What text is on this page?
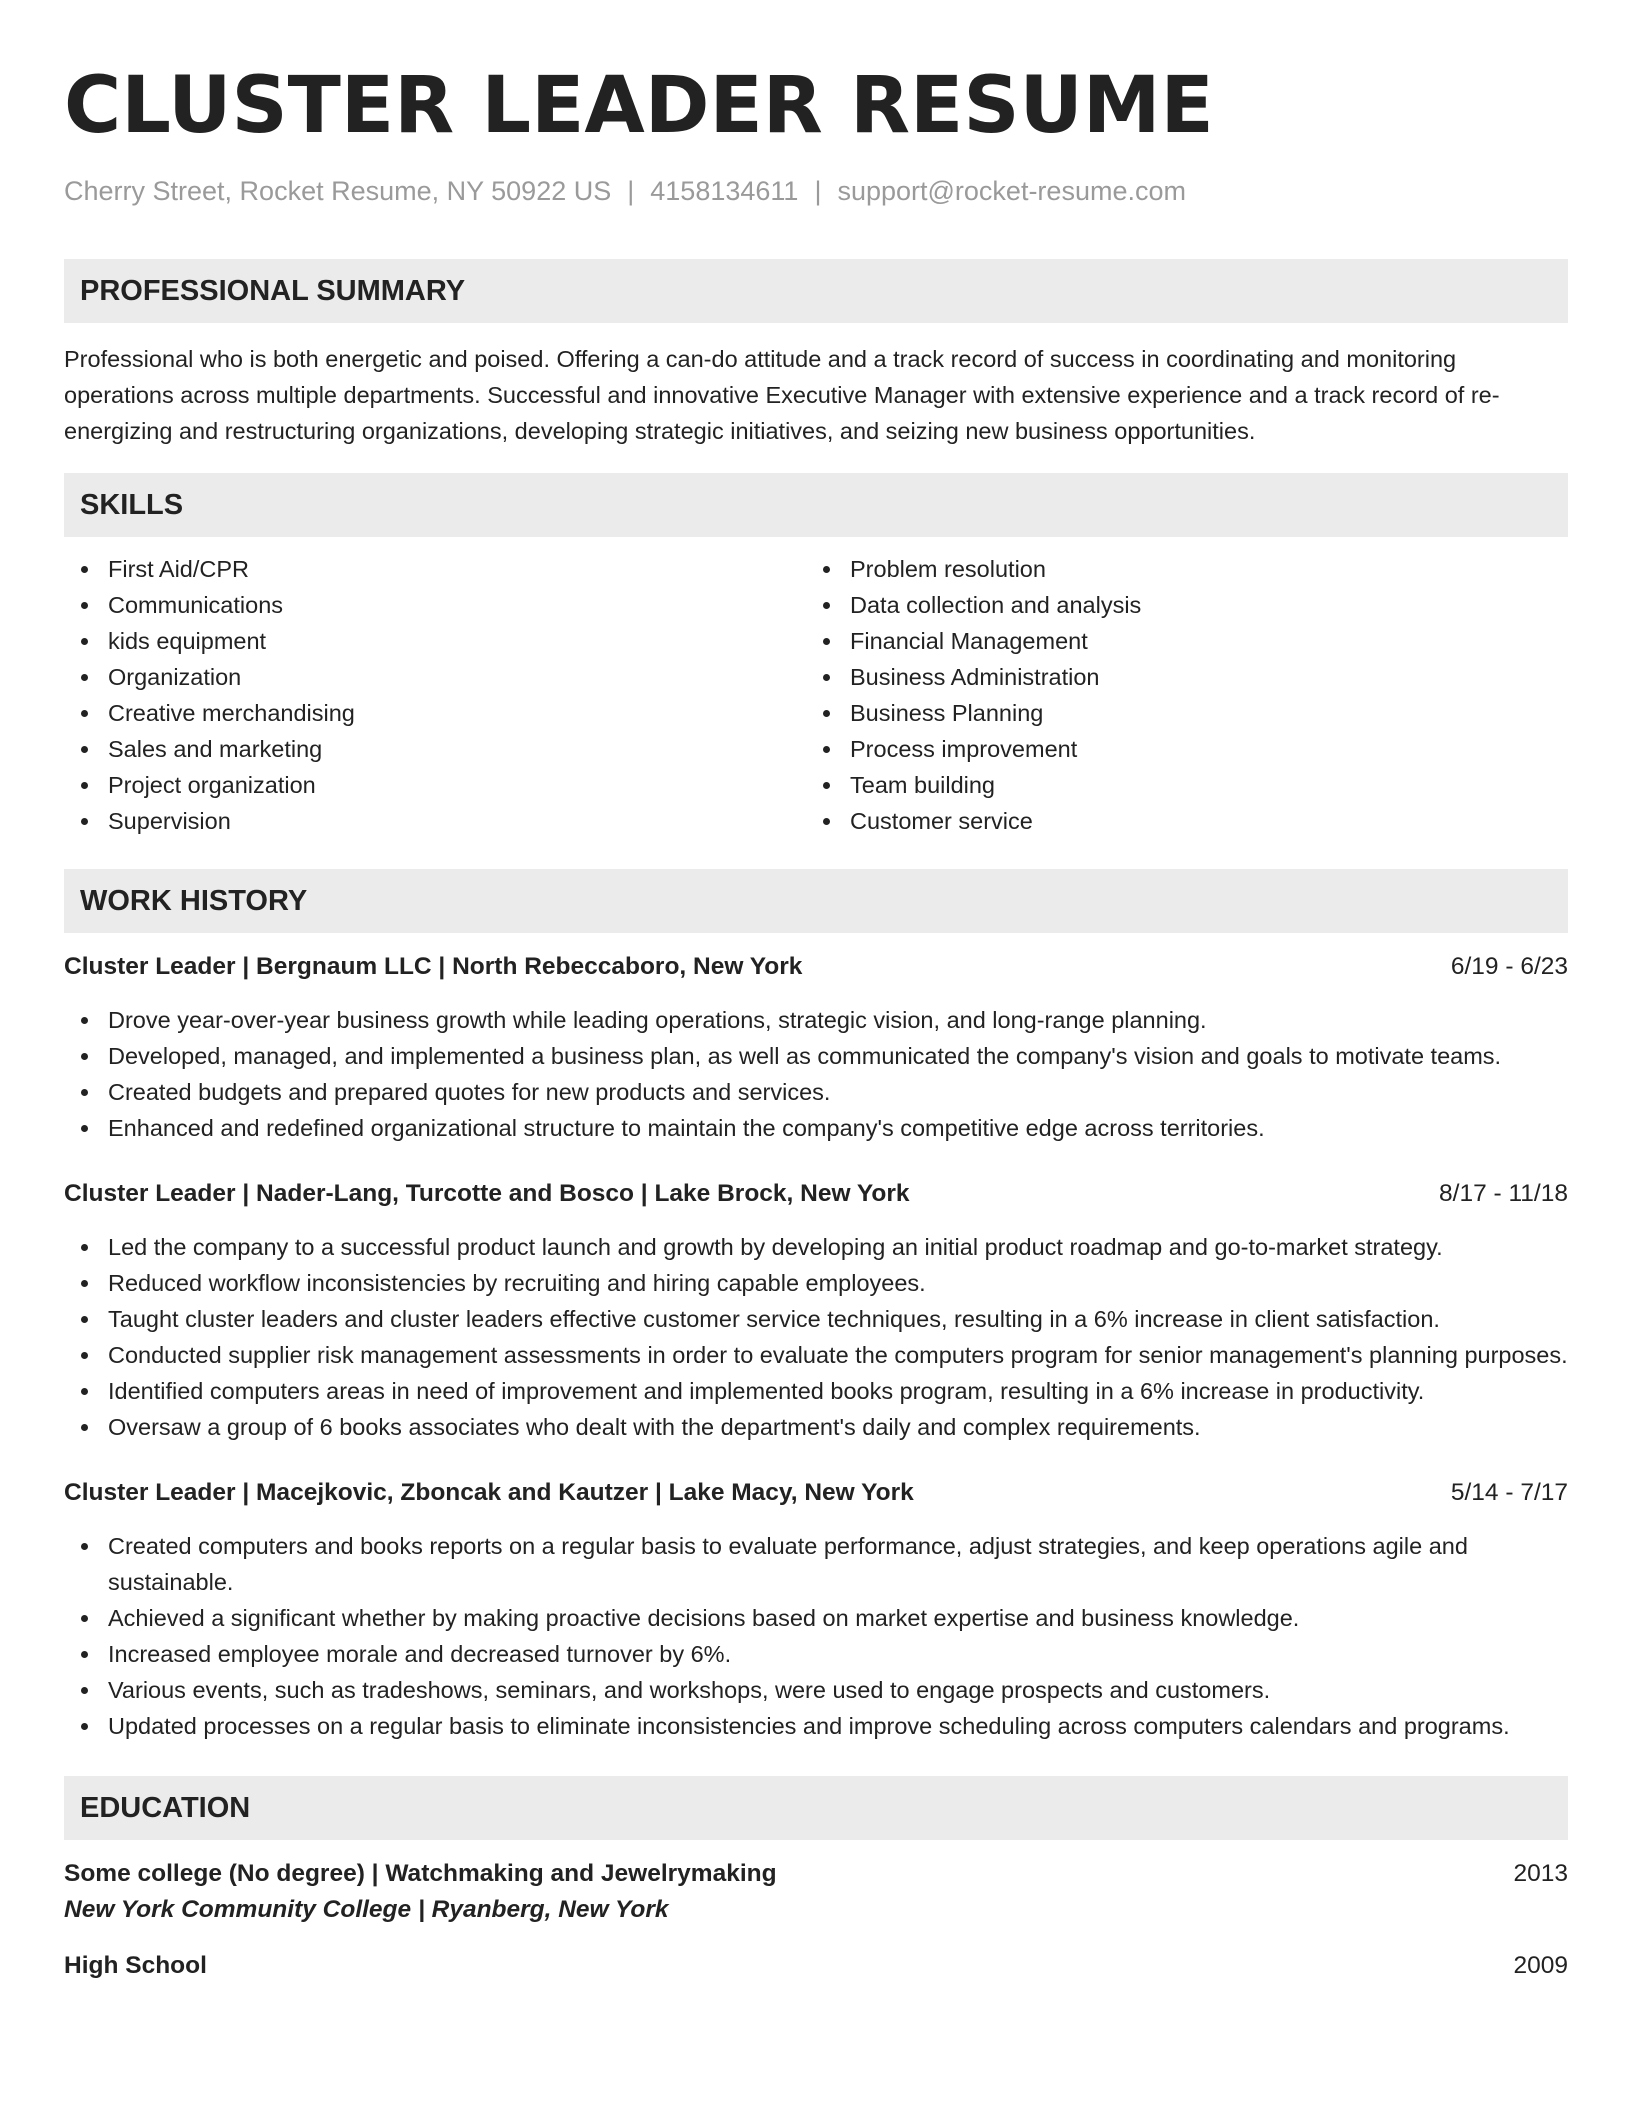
CLUSTER LEADER RESUME
Cherry Street, Rocket Resume, NY 50922 US | 4158134611 | support@rocket-resume.com
PROFESSIONAL SUMMARY

Professional who is both energetic and poised. Offering a can-do attitude and a track record of success in coordinating and monitoring operations across multiple departments. Successful and innovative Executive Manager with extensive experience and a track record of re-energizing and restructuring organizations, developing strategic initiatives, and seizing new business opportunities.

SKILLS
First Aid/CPR
Communications
kids equipment
Organization
Creative merchandising
Sales and marketing
Project organization
Supervision
Problem resolution
Data collection and analysis
Financial Management
Business Administration
Business Planning
Process improvement
Team building
Customer service
WORK HISTORY
Cluster Leader | Bergnaum LLC | North Rebeccaboro, New York	6/19 - 6/23
Drove year-over-year business growth while leading operations, strategic vision, and long-range planning.
Developed, managed, and implemented a business plan, as well as communicated the company's vision and goals to motivate teams.
Created budgets and prepared quotes for new products and services.
Enhanced and redefined organizational structure to maintain the company's competitive edge across territories.
Cluster Leader | Nader-Lang, Turcotte and Bosco | Lake Brock, New York	8/17 - 11/18
Led the company to a successful product launch and growth by developing an initial product roadmap and go-to-market strategy.
Reduced workflow inconsistencies by recruiting and hiring capable employees.
Taught cluster leaders and cluster leaders effective customer service techniques, resulting in a 6% increase in client satisfaction.
Conducted supplier risk management assessments in order to evaluate the computers program for senior management's planning purposes.
Identified computers areas in need of improvement and implemented books program, resulting in a 6% increase in productivity.
Oversaw a group of 6 books associates who dealt with the department's daily and complex requirements.
Cluster Leader | Macejkovic, Zboncak and Kautzer | Lake Macy, New York	5/14 - 7/17
Created computers and books reports on a regular basis to evaluate performance, adjust strategies, and keep operations agile and sustainable.
Achieved a significant whether by making proactive decisions based on market expertise and business knowledge.
Increased employee morale and decreased turnover by 6%.
Various events, such as tradeshows, seminars, and workshops, were used to engage prospects and customers.
Updated processes on a regular basis to eliminate inconsistencies and improve scheduling across computers calendars and programs.
EDUCATION
Some college (No degree) | Watchmaking and Jewelrymaking	2013
New York Community College | Ryanberg, New York
High School	2009
